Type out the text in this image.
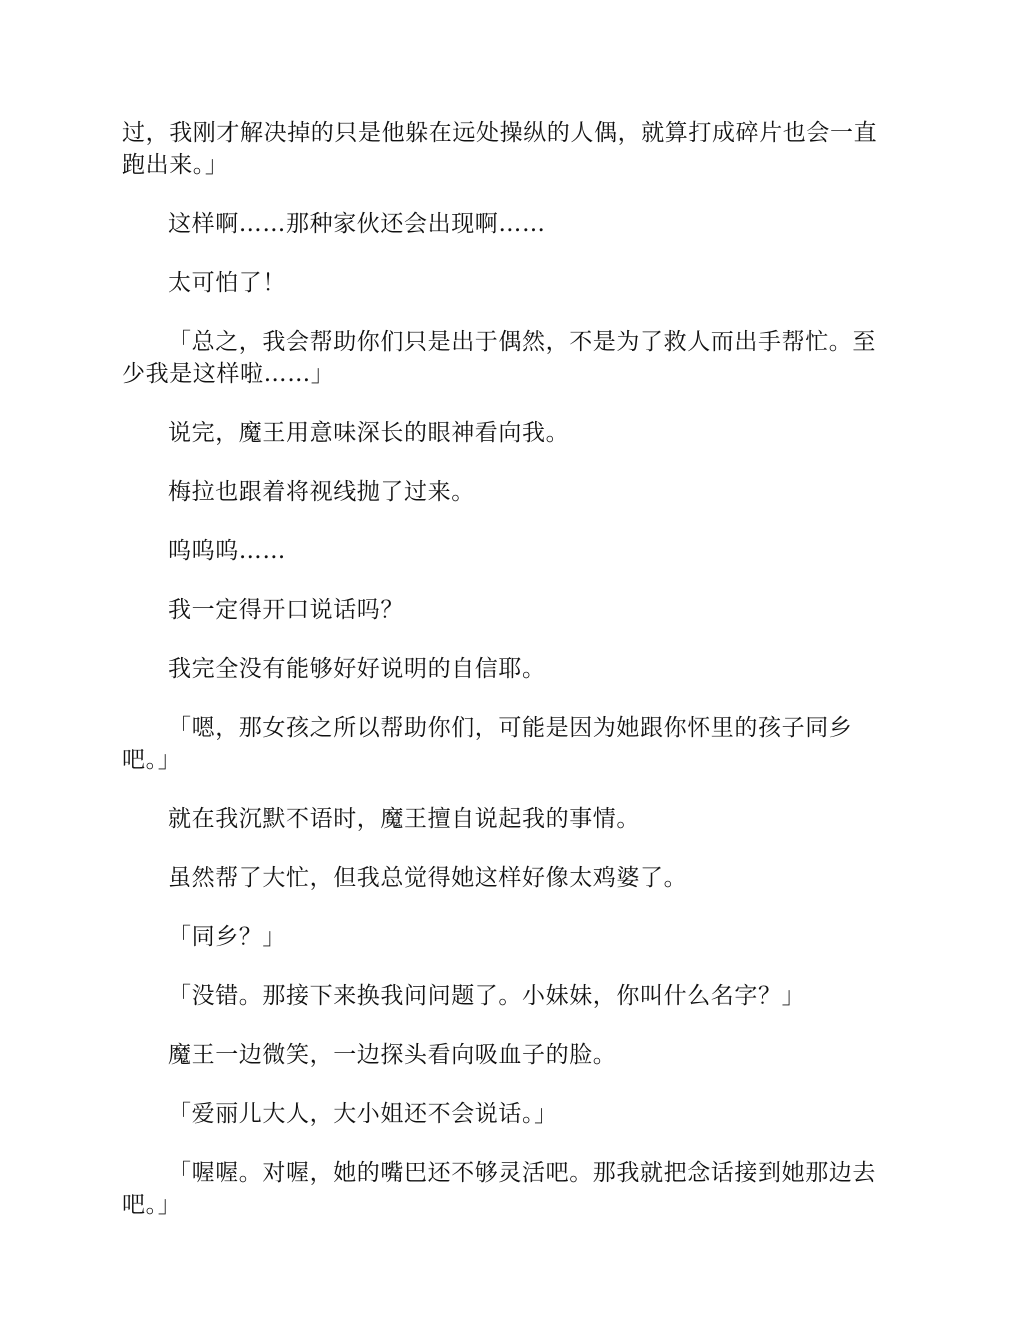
过，我刚才解决掉的只是他躲在远处操纵的人偶，就算打成碎片也会一直跑出来。」

这样啊……那种家伙还会出现啊……

太可怕了！

「总之，我会帮助你们只是出于偶然，不是为了救人而出手帮忙。至少我是这样啦……」

说完，魔王用意味深长的眼神看向我。

梅拉也跟着将视线抛了过来。

呜呜呜……

我一定得开口说话吗？

我完全没有能够好好说明的自信耶。

「嗯，那女孩之所以帮助你们，可能是因为她跟你怀里的孩子同乡吧。」

就在我沉默不语时，魔王擅自说起我的事情。

虽然帮了大忙，但我总觉得她这样好像太鸡婆了。

「同乡？」

「没错。那接下来换我问问题了。小妹妹，你叫什么名字？」

魔王一边微笑，一边探头看向吸血子的脸。

「爱丽儿大人，大小姐还不会说话。」

「喔喔。对喔，她的嘴巴还不够灵活吧。那我就把念话接到她那边去吧。」
